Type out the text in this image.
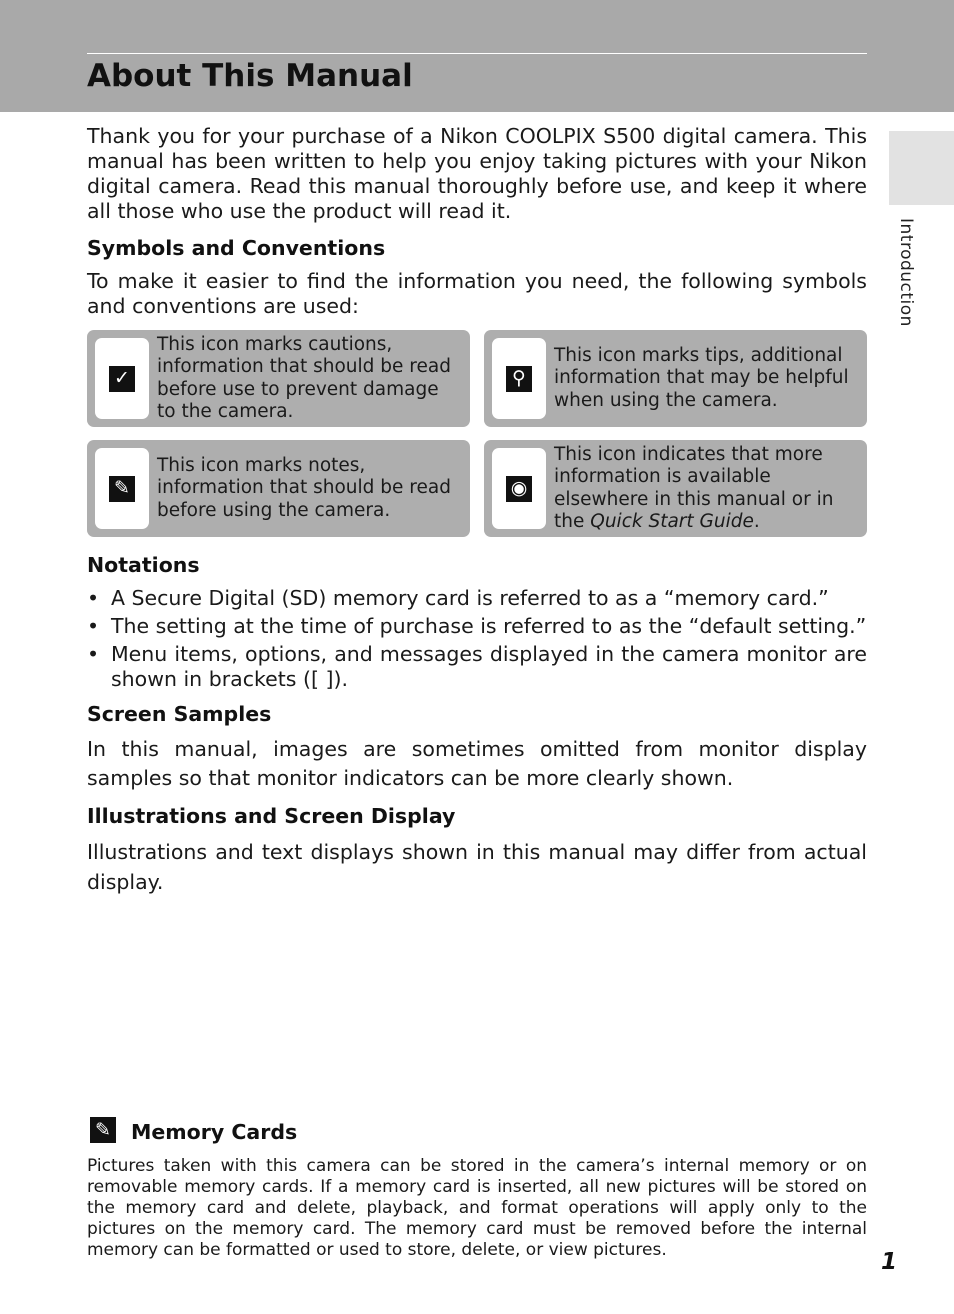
About This Manual
Introduction

Thank you for your purchase of a Nikon COOLPIX S500 digital camera. This manual has been written to help you enjoy taking pictures with your Nikon digital camera. Read this manual thoroughly before use, and keep it where all those who use the product will read it.

Symbols and Conventions

To make it easier to find the information you need, the following symbols and conventions are used:

✓
This icon marks cautions, information that should be read before use to prevent damage to the camera.
⚲
This icon marks tips, additional information that may be helpful when using the camera.
✎
This icon marks notes, information that should be read before using the camera.
◉
This icon indicates that more information is available elsewhere in this manual or in the Quick Start Guide.
Notations
• A Secure Digital (SD) memory card is referred to as a “memory card.”
• The setting at the time of purchase is referred to as the “default setting.”
• Menu items, options, and messages displayed in the camera monitor are shown in brackets ([ ]).
Screen Samples

In this manual, images are sometimes omitted from monitor display samples so that monitor indicators can be more clearly shown.

Illustrations and Screen Display

Illustrations and text displays shown in this manual may differ from actual display.

✎ Memory Cards

Pictures taken with this camera can be stored in the camera’s internal memory or on removable memory cards. If a memory card is inserted, all new pictures will be stored on the memory card and delete, playback, and format operations will apply only to the pictures on the memory card. The memory card must be removed before the internal memory can be formatted or used to store, delete, or view pictures.	1
